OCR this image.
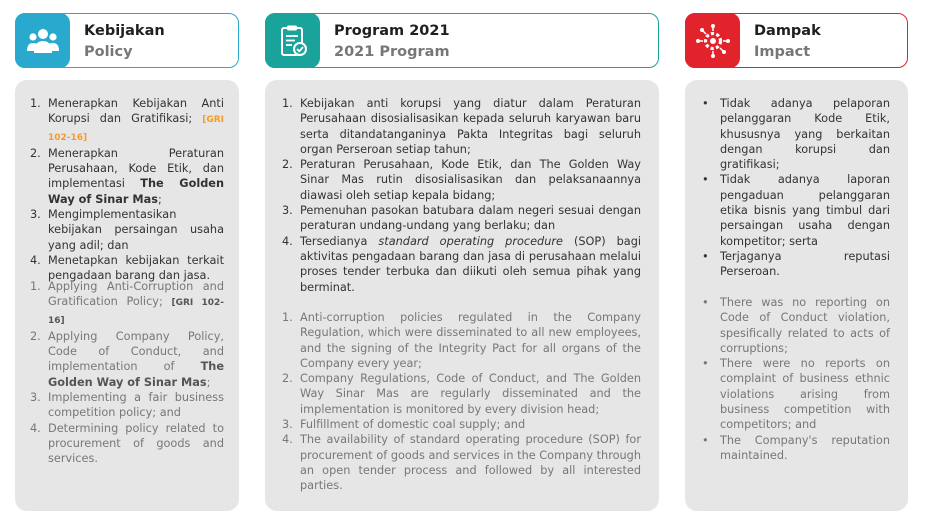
Kebijakan
Policy
Program 2021
2021 Program
Dampak
Impact
1. Menerapkan Kebijakan Anti Korupsi dan Gratifikasi; [GRI 102-16]
2. Menerapkan Peraturan Perusahaan, Kode Etik, dan implementasi The Golden Way of Sinar Mas;
3. Mengimplementasikan kebijakan persaingan usaha yang adil; dan
4. Menetapkan kebijakan terkait pengadaan barang dan jasa.
1. Applying Anti-Corruption and Gratification Policy; [GRI 102-16]
2. Applying Company Policy, Code of Conduct, and implementation of The Golden Way of Sinar Mas;
3. Implementing a fair business competition policy; and
4. Determining policy related to procurement of goods and services.
1. Kebijakan anti korupsi yang diatur dalam Peraturan Perusahaan disosialisasikan kepada seluruh karyawan baru serta ditandatanganinya Pakta Integritas bagi seluruh organ Perseroan setiap tahun;
2. Peraturan Perusahaan, Kode Etik, dan The Golden Way Sinar Mas rutin disosialisasikan dan pelaksanaannya diawasi oleh setiap kepala bidang;
3. Pemenuhan pasokan batubara dalam negeri sesuai dengan peraturan undang-undang yang berlaku; dan
4. Tersedianya standard operating procedure (SOP) bagi aktivitas pengadaan barang dan jasa di perusahaan melalui proses tender terbuka dan diikuti oleh semua pihak yang berminat.
1. Anti-corruption policies regulated in the Company Regulation, which were disseminated to all new employees, and the signing of the Integrity Pact for all organs of the Company every year;
2. Company Regulations, Code of Conduct, and The Golden Way Sinar Mas are regularly disseminated and the implementation is monitored by every division head;
3. Fulfillment of domestic coal supply; and
4. The availability of standard operating procedure (SOP) for procurement of goods and services in the Company through an open tender process and followed by all interested parties.
• Tidak adanya pelaporan pelanggaran Kode Etik, khususnya yang berkaitan dengan korupsi dan gratifikasi;
• Tidak adanya laporan pengaduan pelanggaran etika bisnis yang timbul dari persaingan usaha dengan kompetitor; serta
• Terjaganya reputasi Perseroan.
• There was no reporting on Code of Conduct violation, spesifically related to acts of corruptions;
• There were no reports on complaint of business ethnic violations arising from business competition with competitors; and
• The Company's reputation maintained.
